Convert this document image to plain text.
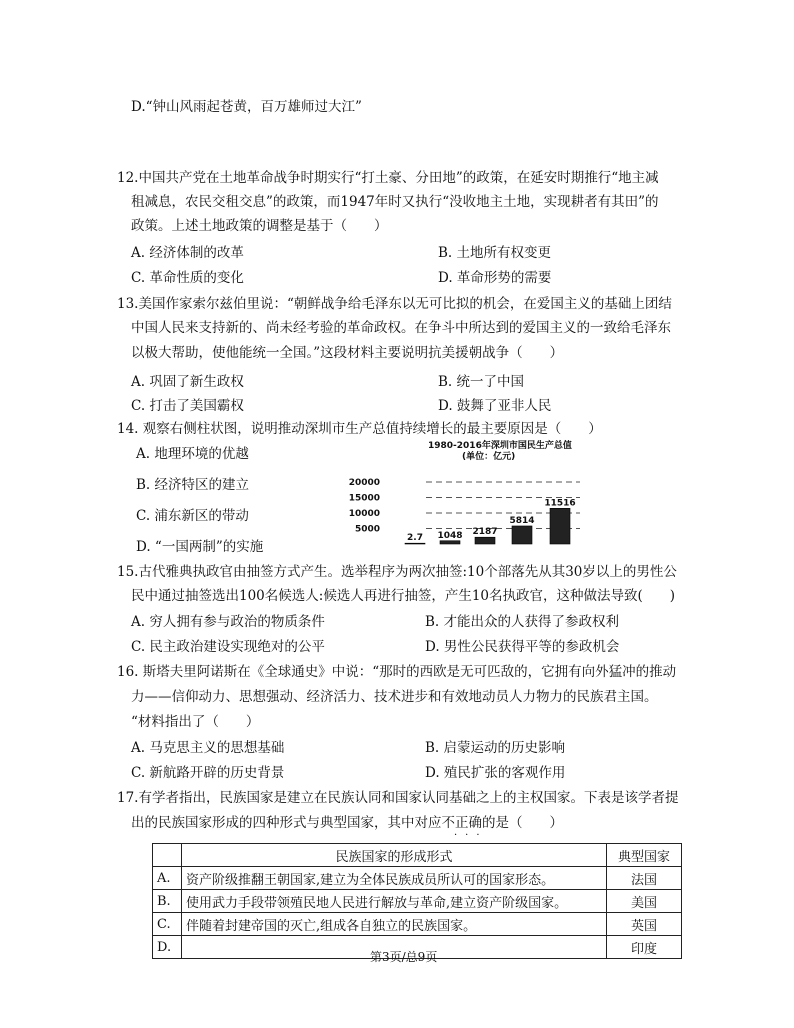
D.“钟山风雨起苍黄，百万雄师过大江”
12.中国共产党在土地革命战争时期实行“打土豪、分田地”的政策，在延安时期推行“地主减
租减息，农民交租交息”的政策，而1947年时又执行“没收地主土地，实现耕者有其田”的
政策。上述土地政策的调整是基于（　　）
A. 经济体制的改革	B. 土地所有权变更
C. 革命性质的变化	D. 革命形势的需要
13.美国作家索尔兹伯里说：“朝鲜战争给毛泽东以无可比拟的机会，在爱国主义的基础上团结
中国人民来支持新的、尚未经考验的革命政权。在争斗中所达到的爱国主义的一致给毛泽东
以极大帮助，使他能统一全国。”这段材料主要说明抗美援朝战争（　　）
A. 巩固了新生政权	B. 统一了中国
C. 打击了美国霸权	D. 鼓舞了亚非人民
14. 观察右侧柱状图，说明推动深圳市生产总值持续增长的最主要原因是（　　）
A. 地理环境的优越
B. 经济特区的建立
C. 浦东新区的带动
D. “一国两制”的实施
1980-2016年深圳市国民生产总值
(单位：亿元)
5000
10000
15000
20000
2.7 1048 2187
5814
11516
15.古代雅典执政官由抽签方式产生。选举程序为两次抽签:10个部落先从其30岁以上的男性公
民中通过抽签选出100名候选人:候选人再进行抽签，产生10名执政官，这种做法导致(　　)
A. 穷人拥有参与政治的物质条件	B. 才能出众的人获得了参政权利
C. 民主政治建设实现绝对的公平	D. 男性公民获得平等的参政机会
16. 斯塔夫里阿诺斯在《全球通史》中说：“那时的西欧是无可匹敌的，它拥有向外猛冲的推动
力——信仰动力、思想强动、经济活力、技术进步和有效地动员人力物力的民族君主国。
“材料指出了（　　）
A. 马克思主义的思想基础	B. 启蒙运动的历史影响
C. 新航路开辟的历史背景	D. 殖民扩张的客观作用
17.有学者指出，民族国家是建立在民族认同和国家认同基础之上的主权国家。下表是该学者提
出的民族国家形成的四种形式与典型国家，其中对应不正确的是（　　）
···
	民族国家的形成形式	典型国家
A.	资产阶级推翻王朝国家,建立为全体民族成员所认可的国家形态。	法国
B.	使用武力手段带领殖民地人民进行解放与革命,建立资产阶级国家。	美国
C.	伴随着封建帝国的灭亡,组成各自独立的民族国家。	英国
D.		印度
第3页/总9页
